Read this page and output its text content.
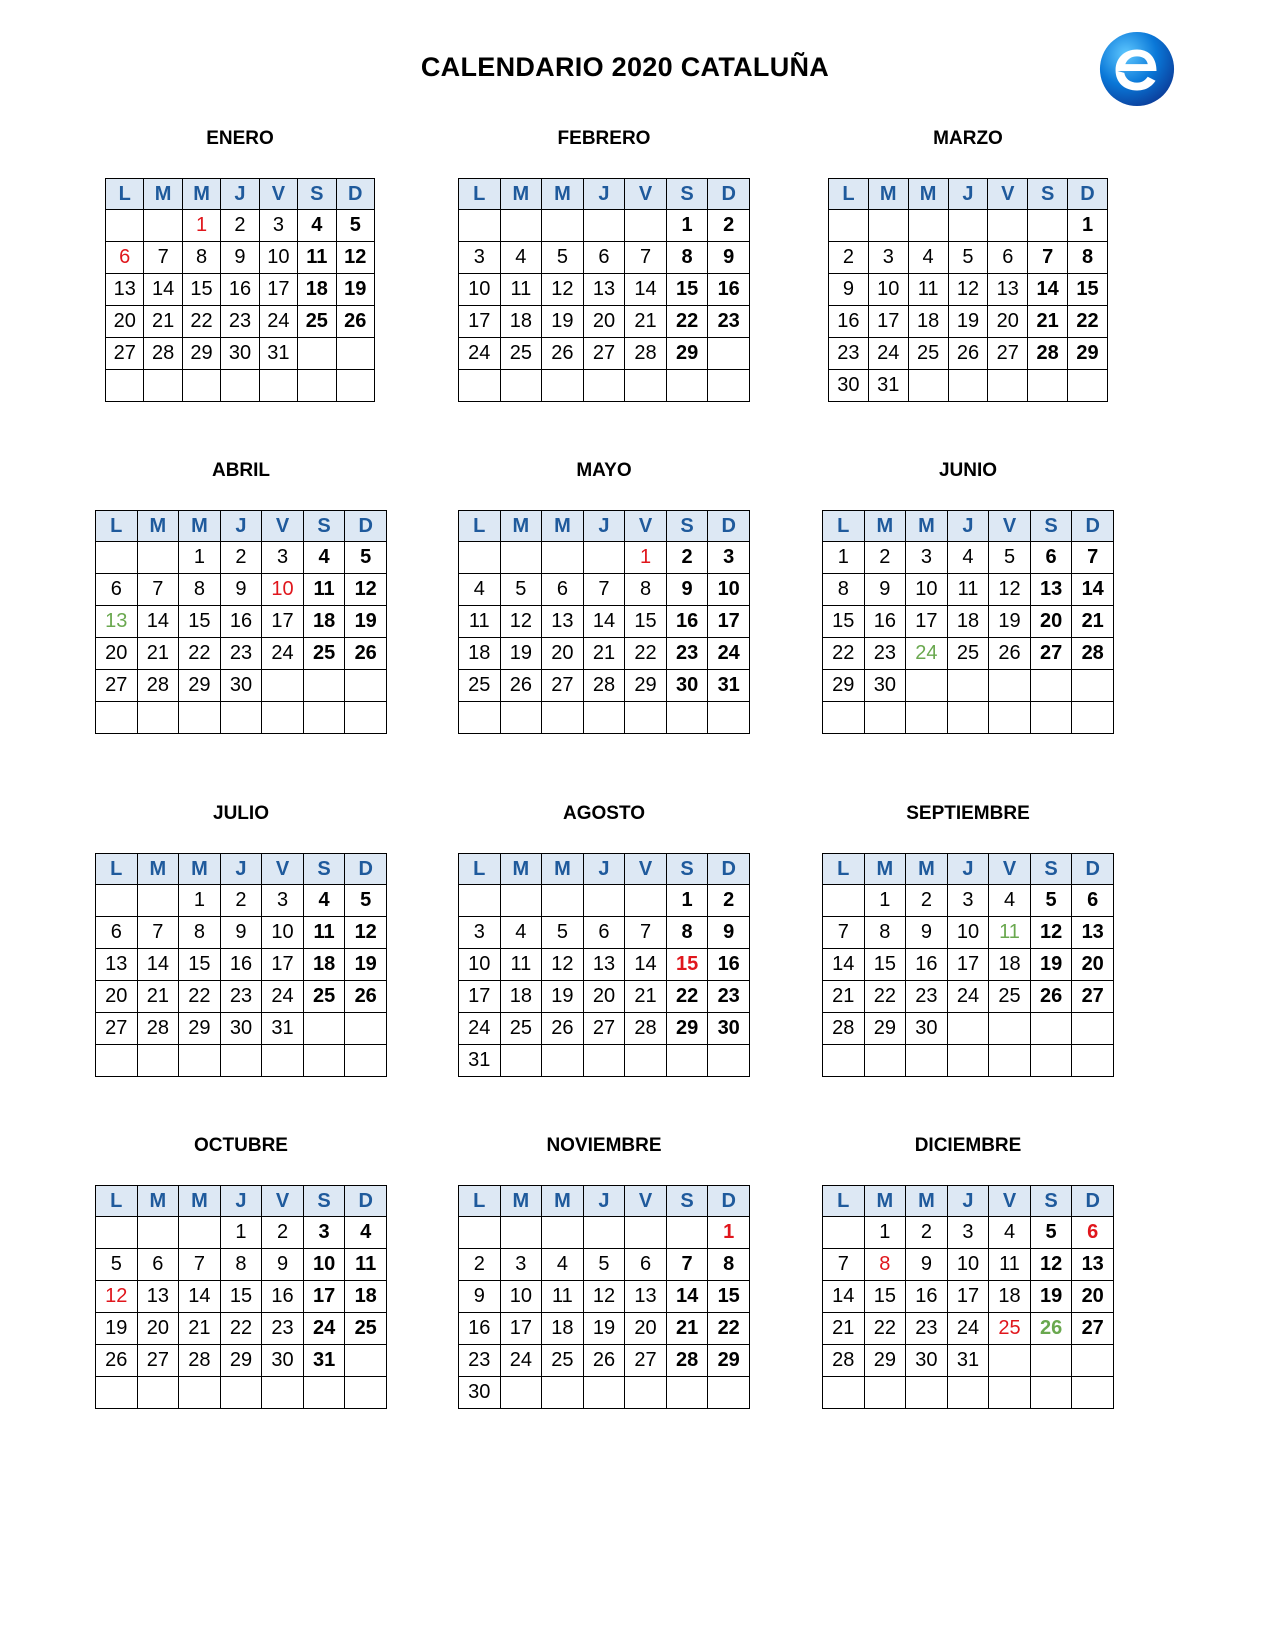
CALENDARIO 2020 CATALUÑA
ENERO
L	M	M	J	V	S	D
		1	2	3	4	5
6	7	8	9	10	11	12
13	14	15	16	17	18	19
20	21	22	23	24	25	26
27	28	29	30	31		

FEBRERO
L	M	M	J	V	S	D
					1	2
3	4	5	6	7	8	9
10	11	12	13	14	15	16
17	18	19	20	21	22	23
24	25	26	27	28	29	

MARZO
L	M	M	J	V	S	D
						1
2	3	4	5	6	7	8
9	10	11	12	13	14	15
16	17	18	19	20	21	22
23	24	25	26	27	28	29
30	31					
ABRIL
L	M	M	J	V	S	D
		1	2	3	4	5
6	7	8	9	10	11	12
13	14	15	16	17	18	19
20	21	22	23	24	25	26
27	28	29	30			

MAYO
L	M	M	J	V	S	D
				1	2	3
4	5	6	7	8	9	10
11	12	13	14	15	16	17
18	19	20	21	22	23	24
25	26	27	28	29	30	31

JUNIO
L	M	M	J	V	S	D
1	2	3	4	5	6	7
8	9	10	11	12	13	14
15	16	17	18	19	20	21
22	23	24	25	26	27	28
29	30					

JULIO
L	M	M	J	V	S	D
		1	2	3	4	5
6	7	8	9	10	11	12
13	14	15	16	17	18	19
20	21	22	23	24	25	26
27	28	29	30	31		

AGOSTO
L	M	M	J	V	S	D
					1	2
3	4	5	6	7	8	9
10	11	12	13	14	15	16
17	18	19	20	21	22	23
24	25	26	27	28	29	30
31						
SEPTIEMBRE
L	M	M	J	V	S	D
	1	2	3	4	5	6
7	8	9	10	11	12	13
14	15	16	17	18	19	20
21	22	23	24	25	26	27
28	29	30				

OCTUBRE
L	M	M	J	V	S	D
			1	2	3	4
5	6	7	8	9	10	11
12	13	14	15	16	17	18
19	20	21	22	23	24	25
26	27	28	29	30	31	

NOVIEMBRE
L	M	M	J	V	S	D
						1
2	3	4	5	6	7	8
9	10	11	12	13	14	15
16	17	18	19	20	21	22
23	24	25	26	27	28	29
30						
DICIEMBRE
L	M	M	J	V	S	D
	1	2	3	4	5	6
7	8	9	10	11	12	13
14	15	16	17	18	19	20
21	22	23	24	25	26	27
28	29	30	31			
